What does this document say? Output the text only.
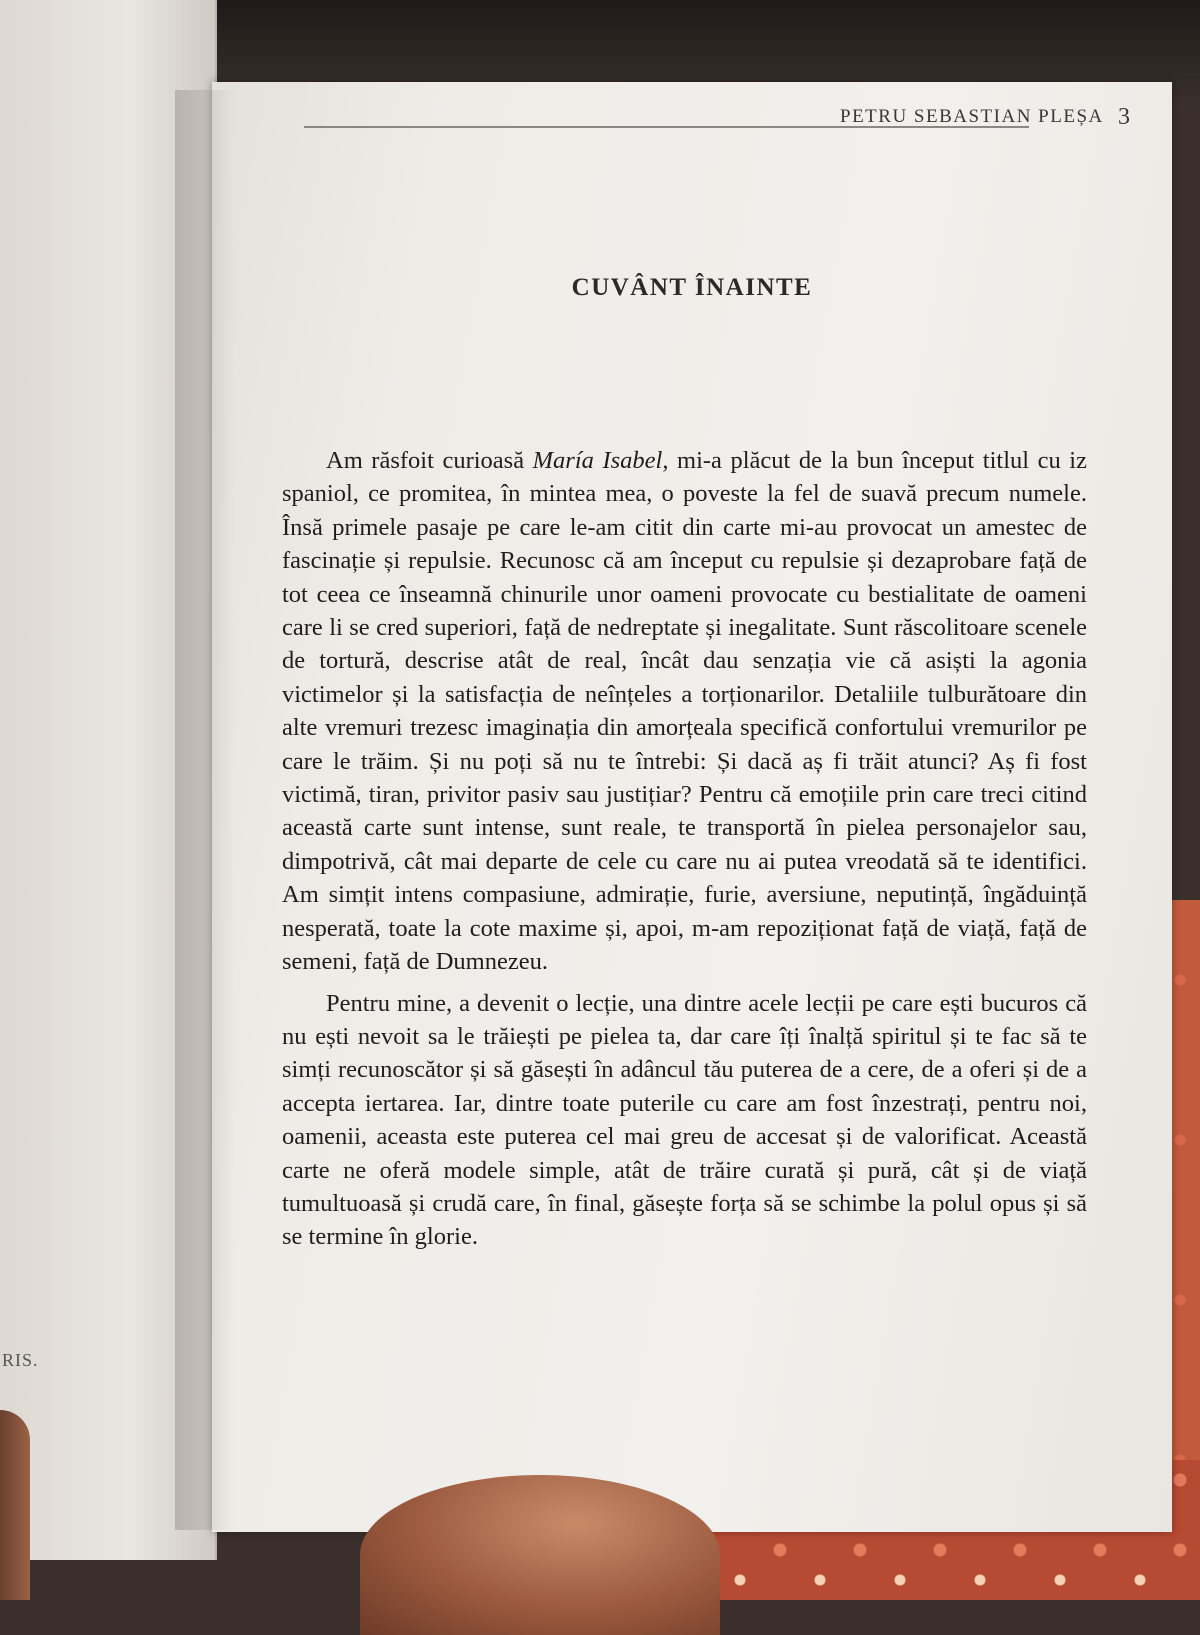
RIS.
PETRU SEBASTIAN PLEȘA 3
CUVÂNT ÎNAINTE

Am răsfoit curioasă María Isabel, mi-a plăcut de la bun început titlul cu iz spaniol, ce promitea, în mintea mea, o poveste la fel de suavă precum numele. Însă primele pasaje pe care le-am citit din carte mi-au provocat un amestec de fascinație și repulsie. Recunosc că am început cu repulsie și dezaprobare față de tot ceea ce înseamnă chinurile unor oameni provocate cu bestialitate de oameni care li se cred superiori, față de nedreptate și inegalitate. Sunt răscolitoare scenele de tortură, descrise atât de real, încât dau senzația vie că asiști la agonia victimelor și la satisfacția de neînțeles a torționarilor. Detaliile tulburătoare din alte vremuri trezesc imaginația din amorțeala specifică confortului vremurilor pe care le trăim. Și nu poți să nu te întrebi: Și dacă aș fi trăit atunci? Aș fi fost victimă, tiran, privitor pasiv sau justițiar? Pentru că emoțiile prin care treci citind această carte sunt intense, sunt reale, te transportă în pielea personajelor sau, dimpotrivă, cât mai departe de cele cu care nu ai putea vreodată să te identifici. Am simțit intens compasiune, admirație, furie, aversiune, neputință, îngăduință nesperată, toate la cote maxime și, apoi, m-am repoziționat față de viață, față de semeni, față de Dumnezeu.

Pentru mine, a devenit o lecție, una dintre acele lecții pe care ești bucuros că nu ești nevoit sa le trăiești pe pielea ta, dar care îți înalță spiritul și te fac să te simți recunoscător și să găsești în adâncul tău puterea de a cere, de a oferi și de a accepta iertarea. Iar, dintre toate puterile cu care am fost înzestrați, pentru noi, oamenii, aceasta este puterea cel mai greu de accesat și de valorificat. Această carte ne oferă modele simple, atât de trăire curată și pură, cât și de viață tumultuoasă și crudă care, în final, găsește forța să se schimbe la polul opus și să se termine în glorie.
